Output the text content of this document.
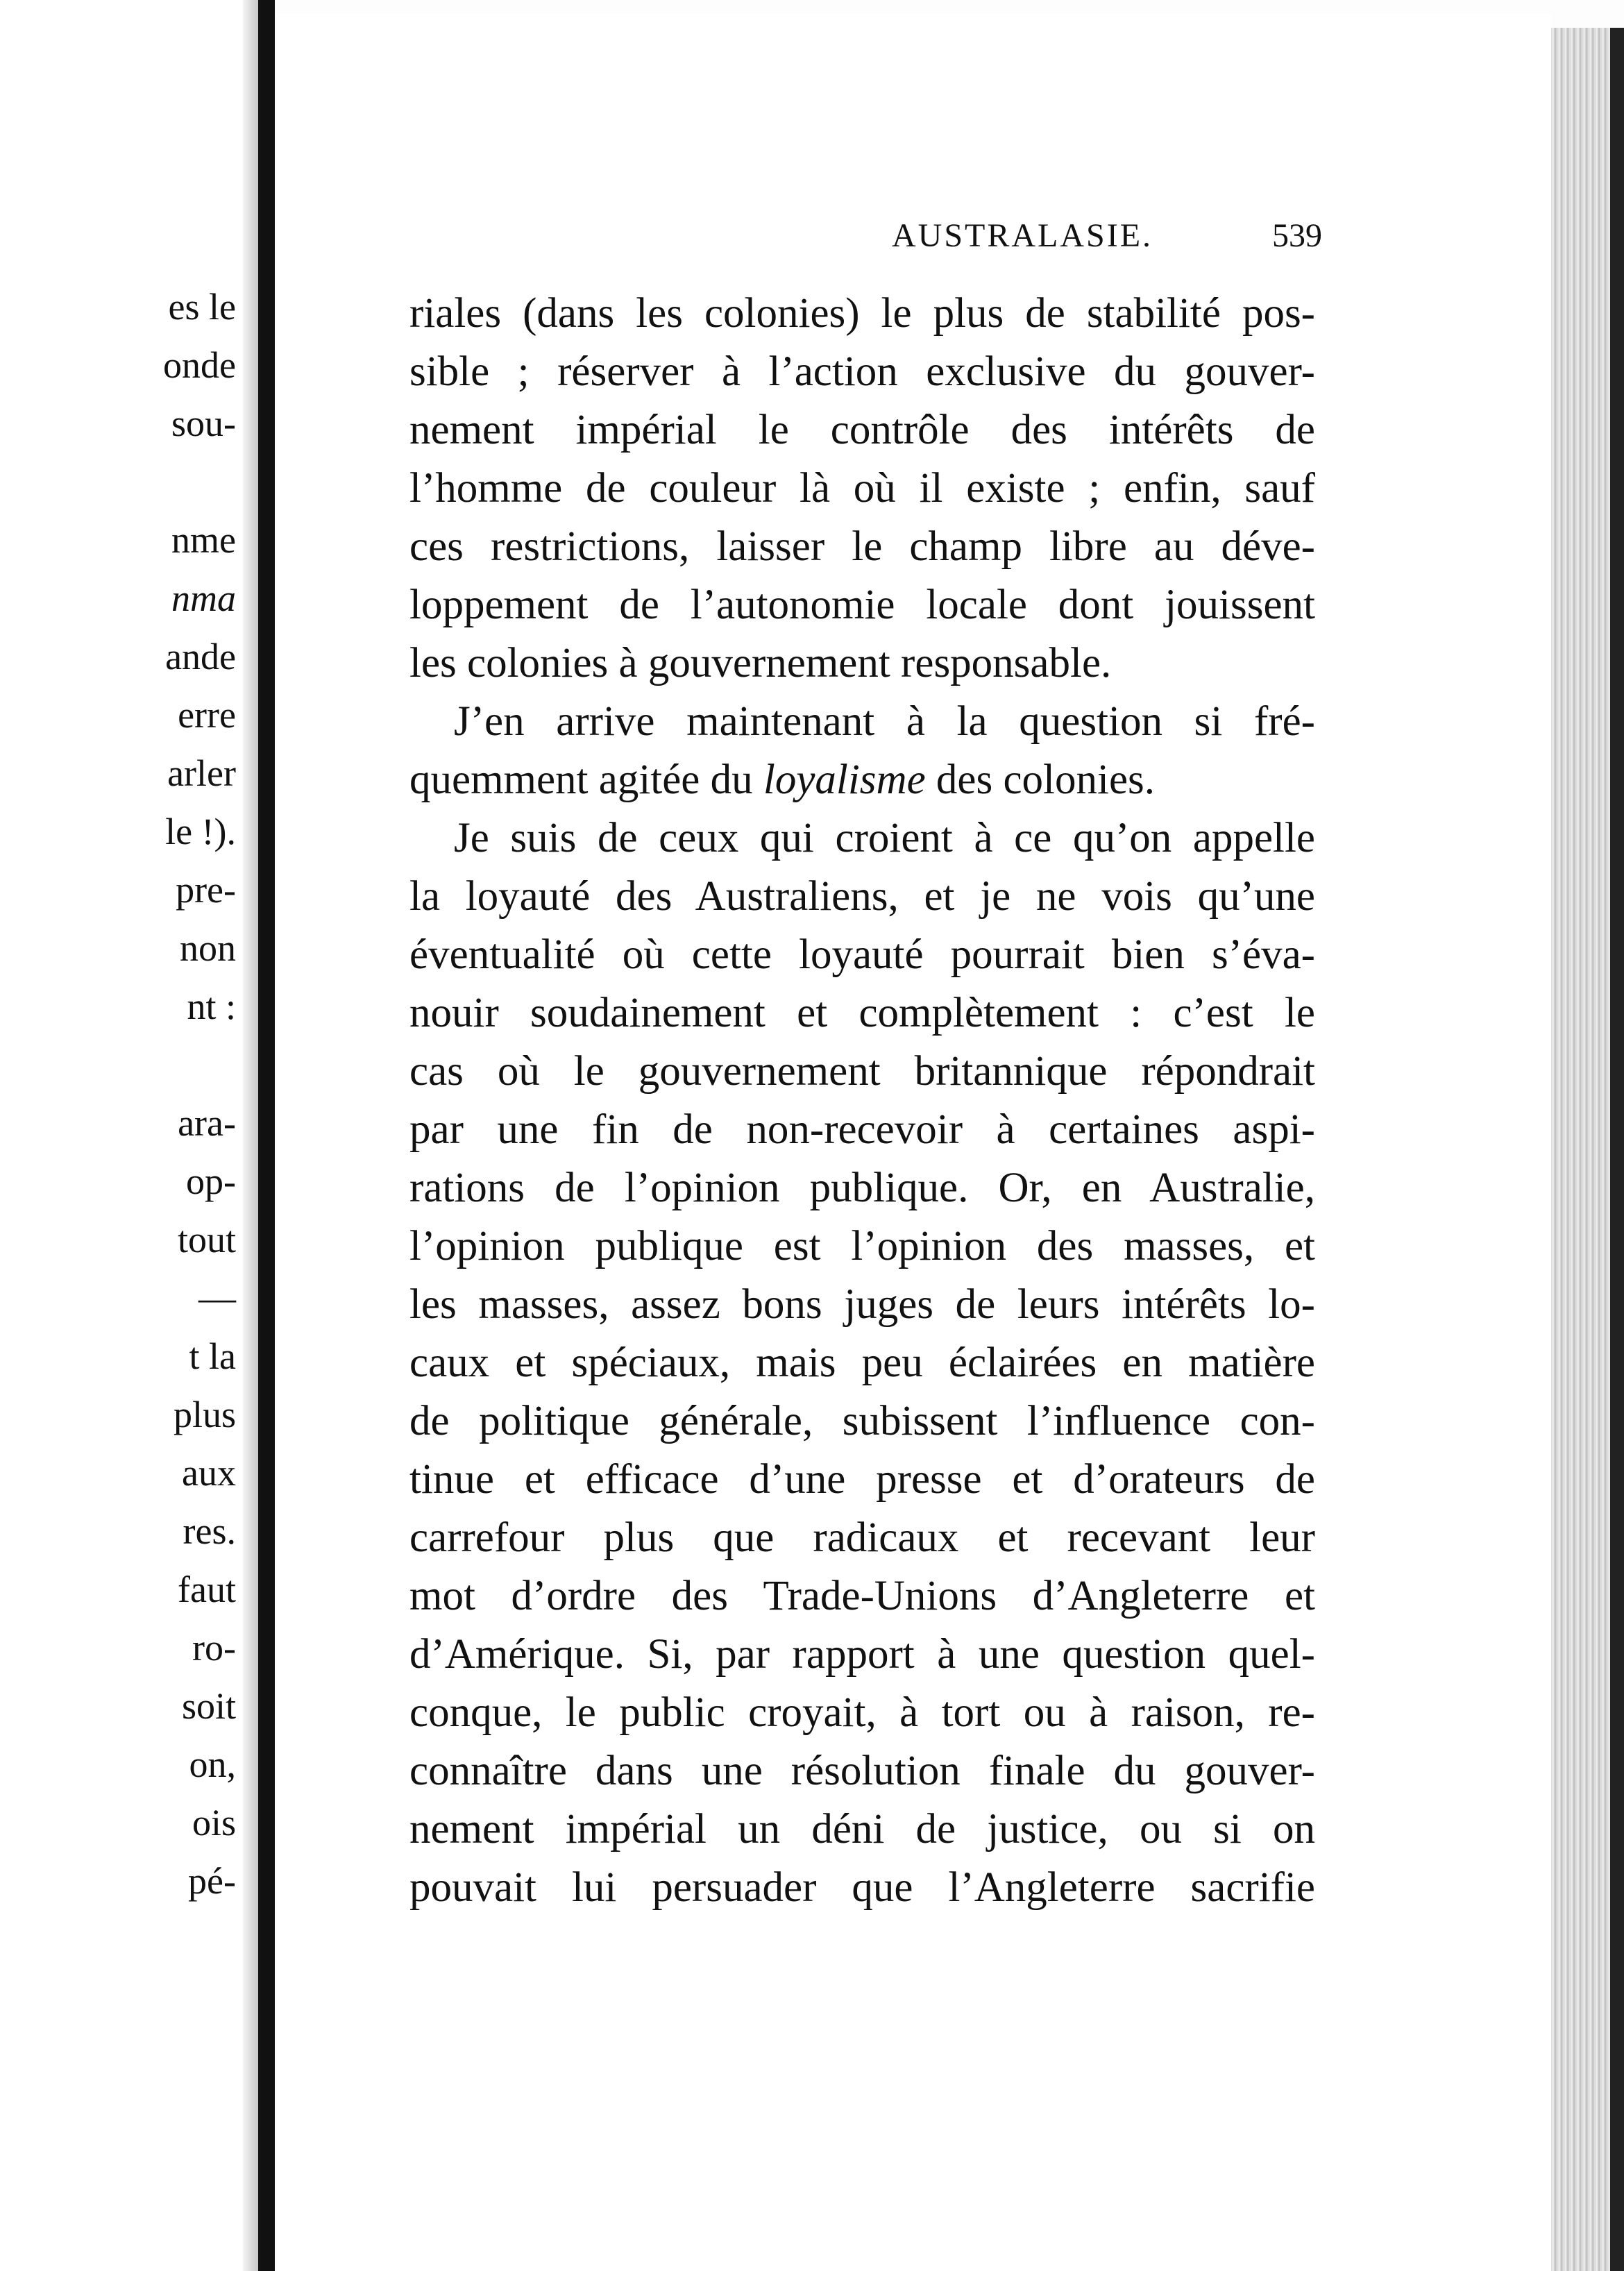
es le
onde
sou-
nme
nma
ande
erre
arler
le !).
pre-
non
nt :
ara-
op-
tout
—
t la
plus
aux
res.
faut
ro-
soit
on,
ois
pé-
AUSTRALASIE.	539
riales (dans les colonies) le plus de stabilité pos-
sible ; réserver à l’action exclusive du gouver-
nement impérial le contrôle des intérêts de
l’homme de couleur là où il existe ; enfin, sauf
ces restrictions, laisser le champ libre au déve-
loppement de l’autonomie locale dont jouissent
les colonies à gouvernement responsable.
J’en arrive maintenant à la question si fré-
quemment agitée du loyalisme des colonies.
Je suis de ceux qui croient à ce qu’on appelle
la loyauté des Australiens, et je ne vois qu’une
éventualité où cette loyauté pourrait bien s’éva-
nouir soudainement et complètement : c’est le
cas où le gouvernement britannique répondrait
par une fin de non-recevoir à certaines aspi-
rations de l’opinion publique. Or, en Australie,
l’opinion publique est l’opinion des masses, et
les masses, assez bons juges de leurs intérêts lo-
caux et spéciaux, mais peu éclairées en matière
de politique générale, subissent l’influence con-
tinue et efficace d’une presse et d’orateurs de
carrefour plus que radicaux et recevant leur
mot d’ordre des Trade-Unions d’Angleterre et
d’Amérique. Si, par rapport à une question quel-
conque, le public croyait, à tort ou à raison, re-
connaître dans une résolution finale du gouver-
nement impérial un déni de justice, ou si on
pouvait lui persuader que l’Angleterre sacrifie
